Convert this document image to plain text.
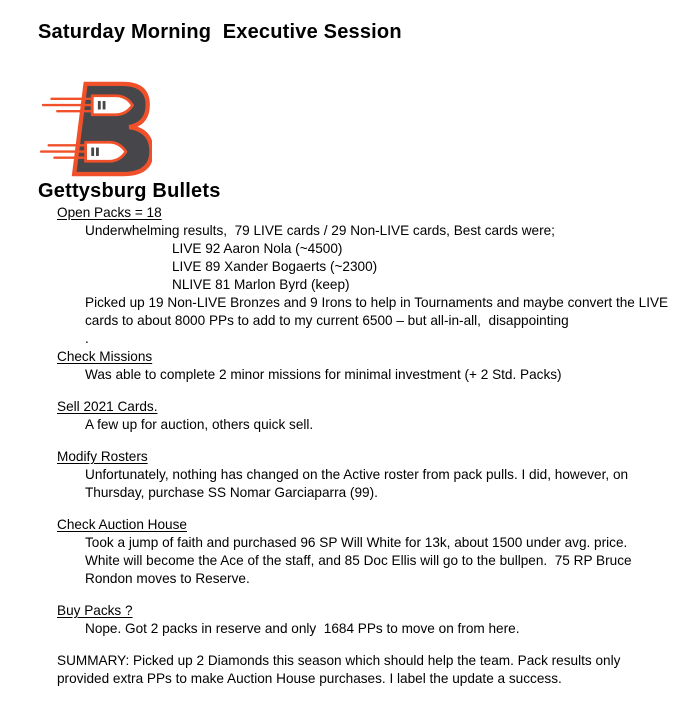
Saturday Morning  Executive Session
Gettysburg Bullets
Open Packs = 18
Underwhelming results,  79 LIVE cards / 29 Non-LIVE cards, Best cards were;
LIVE 92 Aaron Nola (~4500)
LIVE 89 Xander Bogaerts (~2300)
NLIVE 81 Marlon Byrd (keep)
Picked up 19 Non-LIVE Bronzes and 9 Irons to help in Tournaments and maybe convert the LIVE
cards to about 8000 PPs to add to my current 6500 – but all-in-all,  disappointing
.
Check Missions
Was able to complete 2 minor missions for minimal investment (+ 2 Std. Packs)
Sell 2021 Cards.
A few up for auction, others quick sell.
Modify Rosters
Unfortunately, nothing has changed on the Active roster from pack pulls. I did, however, on
Thursday, purchase SS Nomar Garciaparra (99).
Check Auction House
Took a jump of faith and purchased 96 SP Will White for 13k, about 1500 under avg. price.
White will become the Ace of the staff, and 85 Doc Ellis will go to the bullpen.  75 RP Bruce
Rondon moves to Reserve.
Buy Packs ?
Nope. Got 2 packs in reserve and only  1684 PPs to move on from here.
SUMMARY: Picked up 2 Diamonds this season which should help the team. Pack results only
provided extra PPs to make Auction House purchases. I label the update a success.
